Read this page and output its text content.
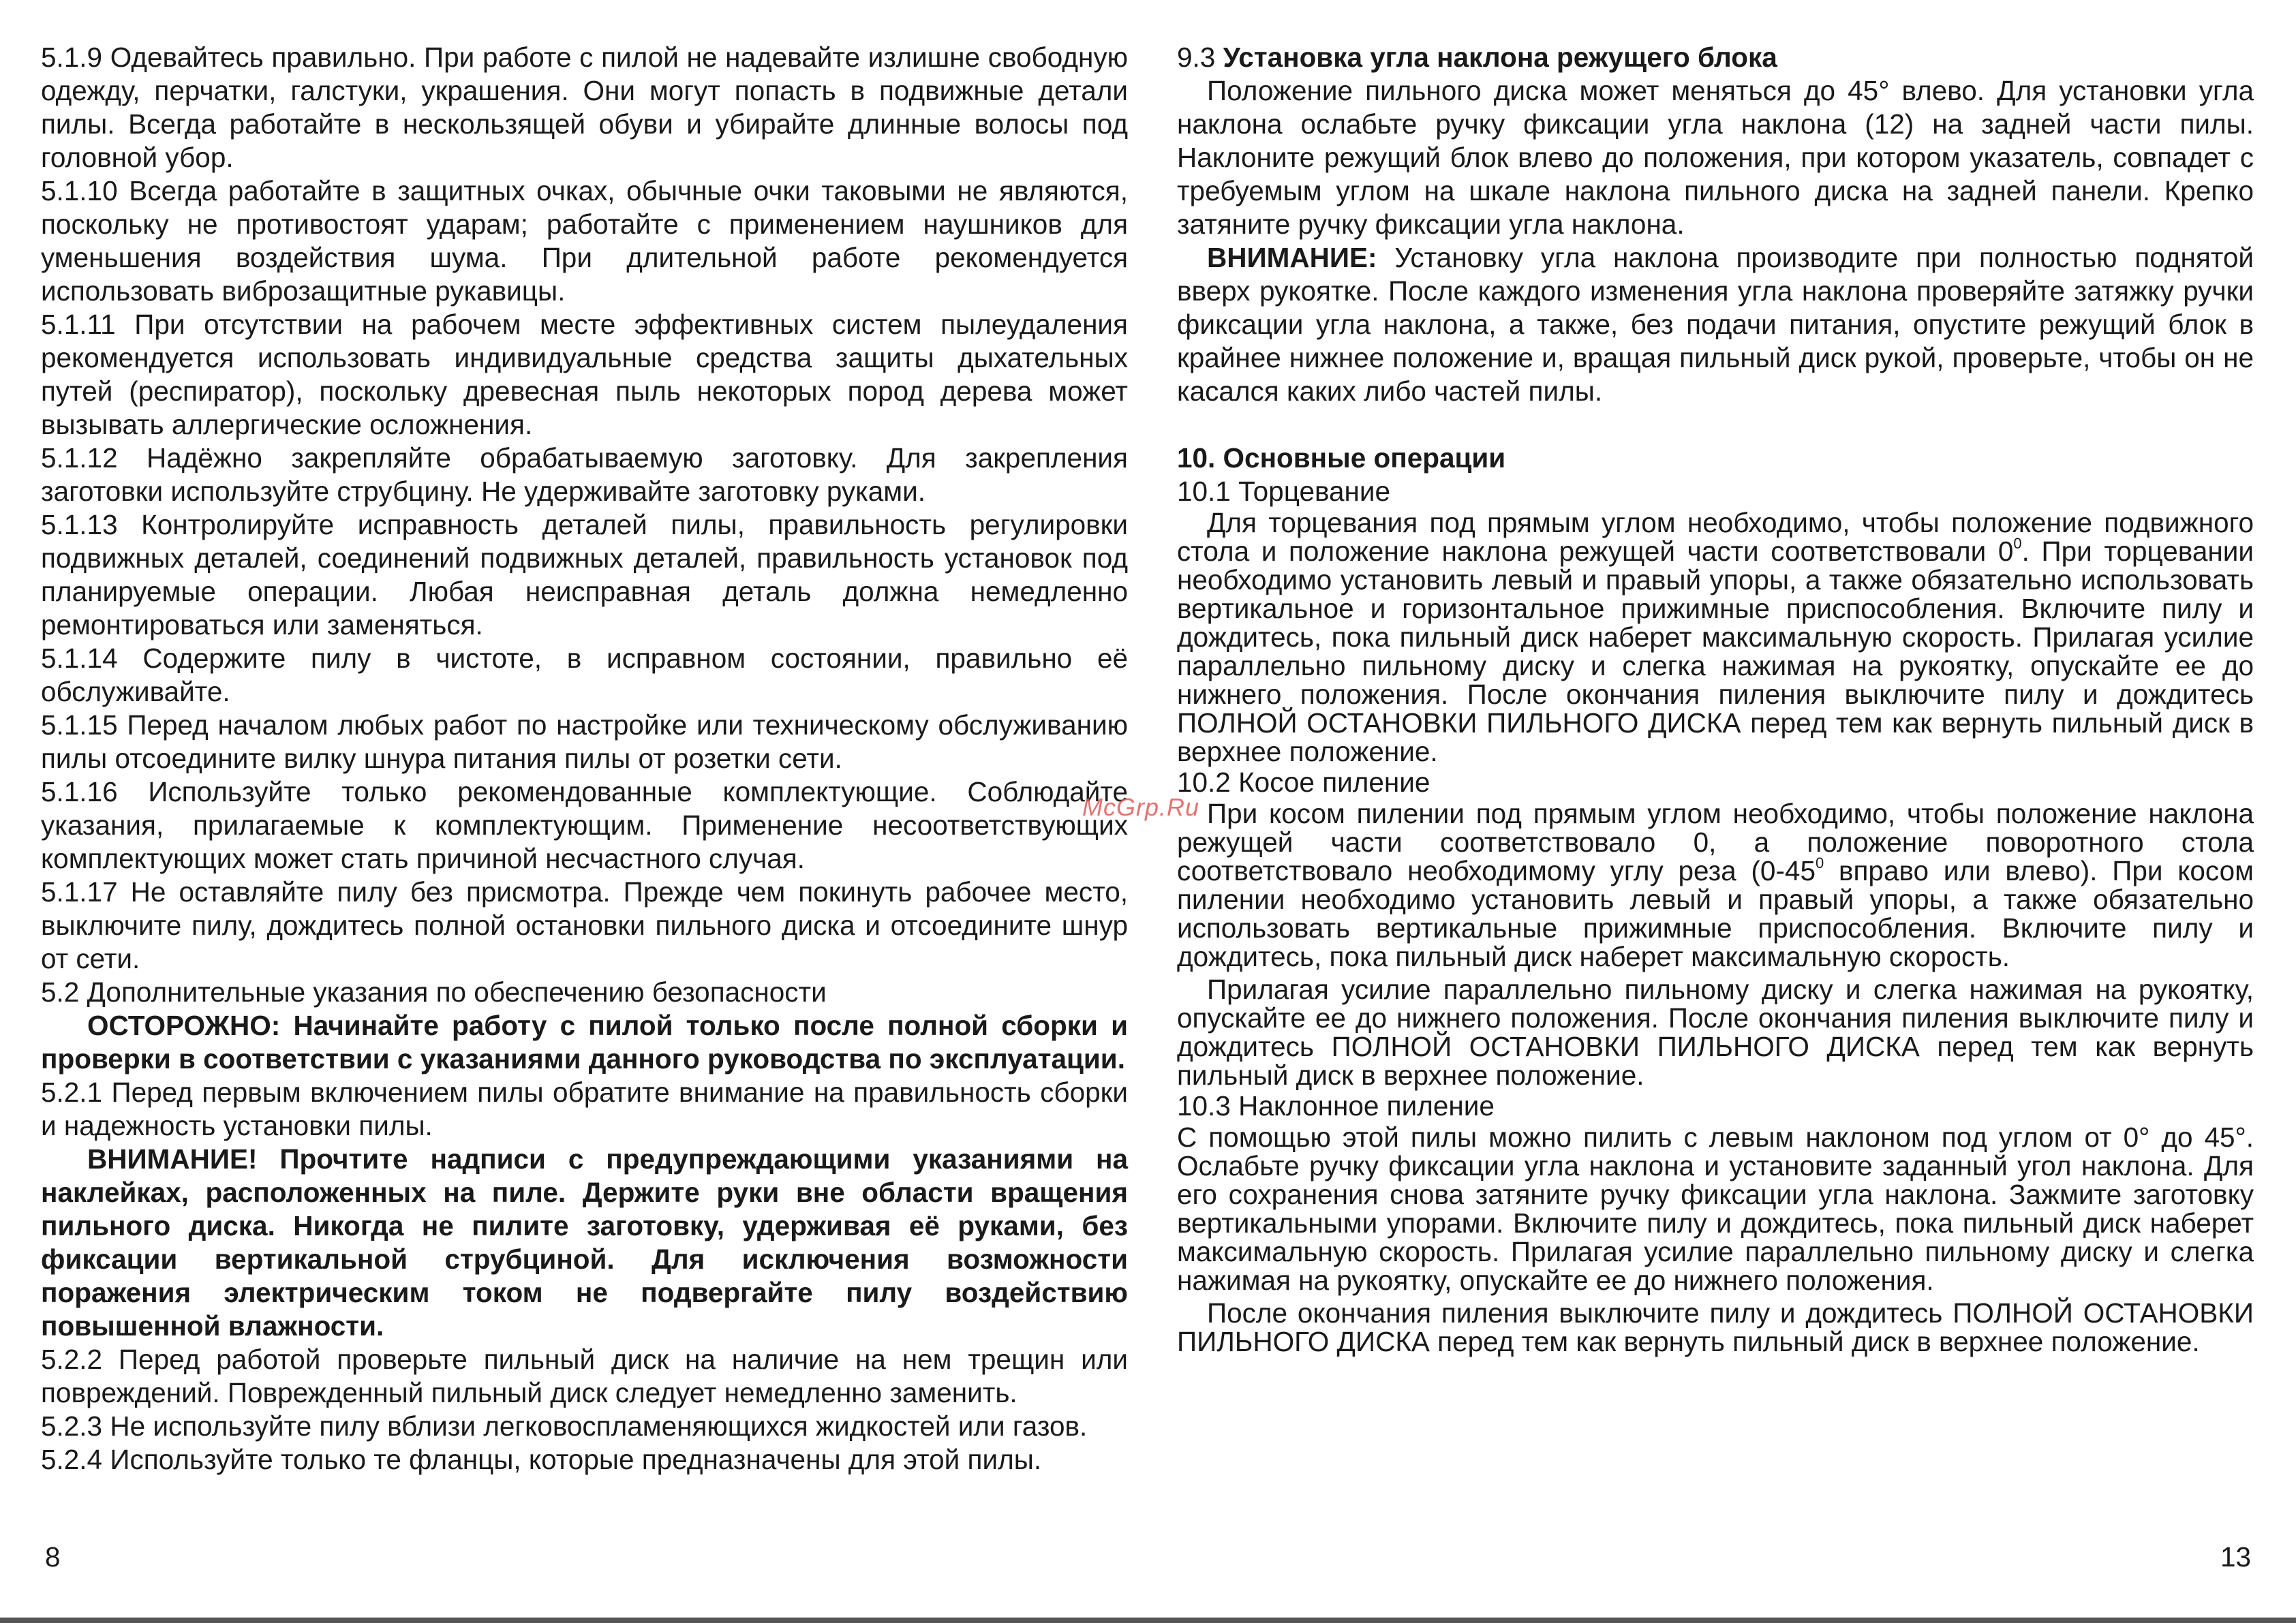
5.1.9 Одевайтесь правильно. При работе с пилой не надевайте излишне свободную одежду, перчатки, галстуки, украшения. Они могут попасть в подвижные детали пилы. Всегда работайте в нескользящей обуви и убирайте длинные волосы под головной убор.

5.1.10 Всегда работайте в защитных очках, обычные очки таковыми не являются, поскольку не противостоят ударам; работайте с применением наушников для уменьшения воздействия шума. При длительной работе рекомендуется использовать виброзащитные рукавицы.

5.1.11 При отсутствии на рабочем месте эффективных систем пылеудаления рекомендуется использовать индивидуальные средства защиты дыхательных путей (респиратор), поскольку древесная пыль некоторых пород дерева может вызывать аллергические осложнения.

5.1.12 Надёжно закрепляйте обрабатываемую заготовку. Для закрепления заготовки используйте струбцину. Не удерживайте заготовку руками.

5.1.13 Контролируйте исправность деталей пилы, правильность регулировки подвижных деталей, соединений подвижных деталей, правильность установок под планируемые операции. Любая неисправная деталь должна немедленно ремонтироваться или заменяться.

5.1.14 Содержите пилу в чистоте, в исправном состоянии, правильно её обслуживайте.

5.1.15 Перед началом любых работ по настройке или техническому обслуживанию пилы отсоедините вилку шнура питания пилы от розетки сети.

5.1.16 Используйте только рекомендованные комплектующие. Соблюдайте указания, прилагаемые к комплектующим. Применение несоответствующих комплектующих может стать причиной несчастного случая.

5.1.17 Не оставляйте пилу без присмотра. Прежде чем покинуть рабочее место, выключите пилу, дождитесь полной остановки пильного диска и отсоедините шнур от сети.

5.2 Дополнительные указания по обеспечению безопасности

ОСТОРОЖНО: Начинайте работу с пилой только после полной сборки и проверки в соответствии с указаниями данного руководства по эксплуатации.

5.2.1 Перед первым включением пилы обратите внимание на правильность сборки и надежность установки пилы.

ВНИМАНИЕ! Прочтите надписи с предупреждающими указаниями на наклейках, расположенных на пиле. Держите руки вне области вращения пильного диска. Никогда не пилите заготовку, удерживая её руками, без фиксации вертикальной струбциной. Для исключения возможности поражения электрическим током не подвергайте пилу воздействию повышенной влажности.

5.2.2 Перед работой проверьте пильный диск на наличие на нем трещин или повреждений. Поврежденный пильный диск следует немедленно заменить.

5.2.3 Не используйте пилу вблизи легковоспламеняющихся жидкостей или газов.

5.2.4 Используйте только те фланцы, которые предназначены для этой пилы.

9.3 Установка угла наклона режущего блока

Положение пильного диска может меняться до 45° влево. Для установки угла наклона ослабьте ручку фиксации угла наклона (12) на задней части пилы. Наклоните режущий блок влево до положения, при котором указатель, совпадет с требуемым углом на шкале наклона пильного диска на задней панели. Крепко затяните ручку фиксации угла наклона.

ВНИМАНИЕ: Установку угла наклона производите при полностью поднятой вверх рукоятке. После каждого изменения угла наклона проверяйте затяжку ручки фиксации угла наклона, а также, без подачи питания, опустите режущий блок в крайнее нижнее положение и, вращая пильный диск рукой, проверьте, чтобы он не касался каких либо частей пилы.

10. Основные операции

10.1 Торцевание

Для торцевания под прямым углом необходимо, чтобы положение подвижного стола и положение наклона режущей части соответствовали $0^0$. При торцевании необходимо установить левый и правый упоры, а также обязательно использовать вертикальное и горизонтальное прижимные приспособления. Включите пилу и дождитесь, пока пильный диск наберет максимальную скорость. Прилагая усилие параллельно пильному диску и слегка нажимая на рукоятку, опускайте ее до нижнего положения. После окончания пиления выключите пилу и дождитесь ПОЛНОЙ ОСТАНОВКИ ПИЛЬНОГО ДИСКА перед тем как вернуть пильный диск в верхнее положение.

10.2 Косое пиление

При косом пилении под прямым углом необходимо, чтобы положение наклона режущей части соответствовало 0, а положение поворотного стола соответствовало необходимому углу реза ($0-45^0$ вправо или влево). При косом пилении необходимо установить левый и правый упоры, а также обязательно использовать вертикальные прижимные приспособления. Включите пилу и дождитесь, пока пильный диск наберет максимальную скорость.

Прилагая усилие параллельно пильному диску и слегка нажимая на рукоятку, опускайте ее до нижнего положения. После окончания пиления выключите пилу и дождитесь ПОЛНОЙ ОСТАНОВКИ ПИЛЬНОГО ДИСКА перед тем как вернуть пильный диск в верхнее положение.

10.3 Наклонное пиление

С помощью этой пилы можно пилить с левым наклоном под углом от 0° до 45°. Ослабьте ручку фиксации угла наклона и установите заданный угол наклона. Для его сохранения снова затяните ручку фиксации угла наклона. Зажмите заготовку вертикальными упорами. Включите пилу и дождитесь, пока пильный диск наберет максимальную скорость. Прилагая усилие параллельно пильному диску и слегка нажимая на рукоятку, опускайте ее до нижнего положения.

После окончания пиления выключите пилу и дождитесь ПОЛНОЙ ОСТАНОВКИ ПИЛЬНОГО ДИСКА перед тем как вернуть пильный диск в верхнее положение.

McGrp.Ru
8	13
